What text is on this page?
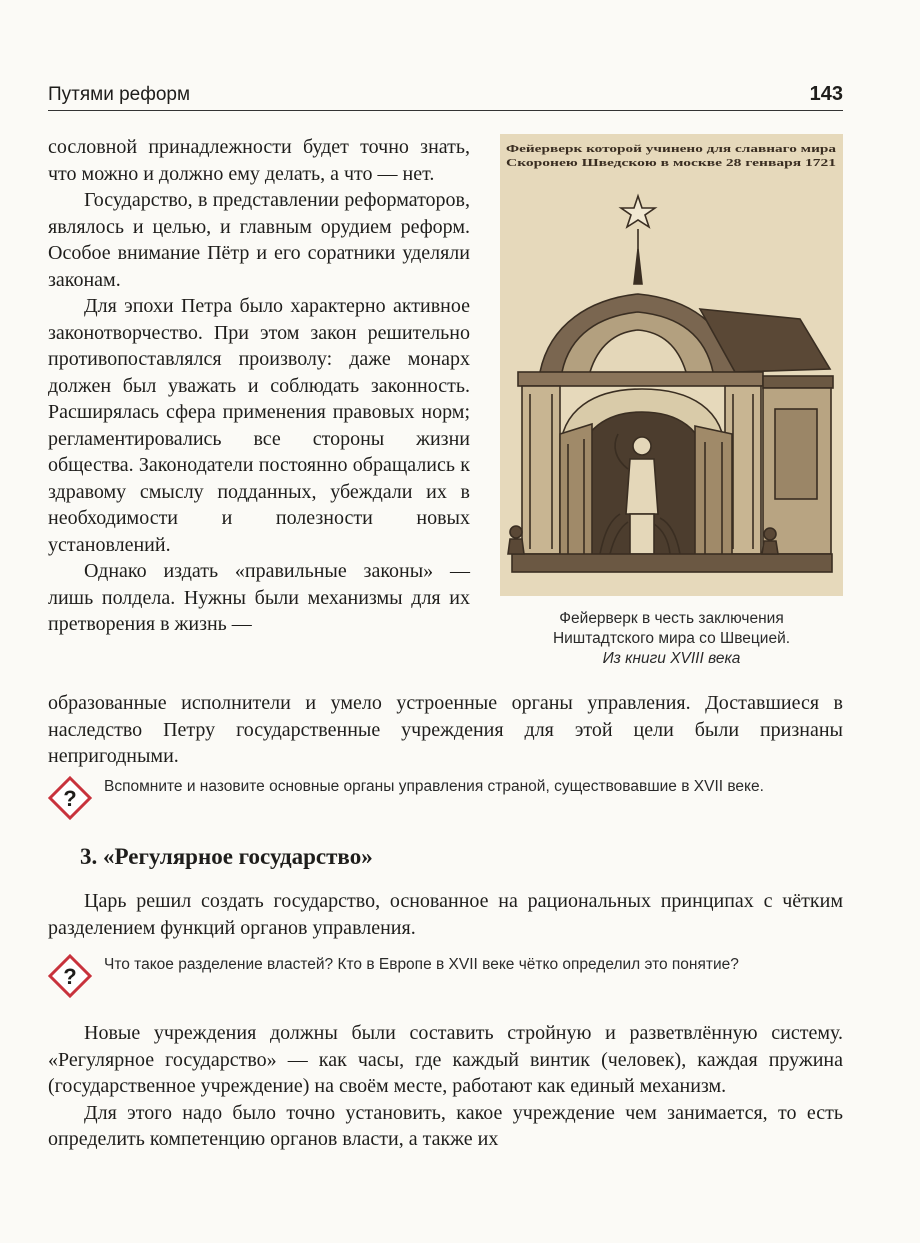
Путями реформ	143

сословной принадлежности будет точно знать, что можно и должно ему делать, а что — нет.

Государство, в представлении реформаторов, являлось и целью, и главным орудием реформ. Особое внимание Пётр и его соратники уделяли законам.

Для эпохи Петра было характерно активное законотворчество. При этом закон решительно противопоставлялся произволу: даже монарх должен был уважать и соблюдать законность. Расширялась сфера применения правовых норм; регламентировались все стороны жизни общества. Законодатели постоянно обращались к здравому смыслу подданных, убеждали их в необходимости и полезности новых установлений.

Однако издать «правильные законы» — лишь полдела. Нужны были механизмы для их претворения в жизнь —

Фейерверк которой учинено для славнаго мира
Скоронею Шведскою в москве 28 генваря 1721
Фейерверк в честь заключения
Ништадтского мира со Швецией.
Из книги XVIII века

образованные исполнители и умело устроенные органы управления. Доставшиеся в наследство Петру государственные учреждения для этой цели были признаны непригодными.

? Вспомните и назовите основные органы управления страной, существовавшие в XVII веке.
3. «Регулярное государство»

Царь решил создать государство, основанное на рациональных принципах с чётким разделением функций органов управления.

? Что такое разделение властей? Кто в Европе в XVII веке чётко определил это понятие?

Новые учреждения должны были составить стройную и разветвлённую систему. «Регулярное государство» — как часы, где каждый винтик (человек), каждая пружина (государственное учреждение) на своём месте, работают как единый механизм.

Для этого надо было точно установить, какое учреждение чем занимается, то есть определить компетенцию органов власти, а также их
